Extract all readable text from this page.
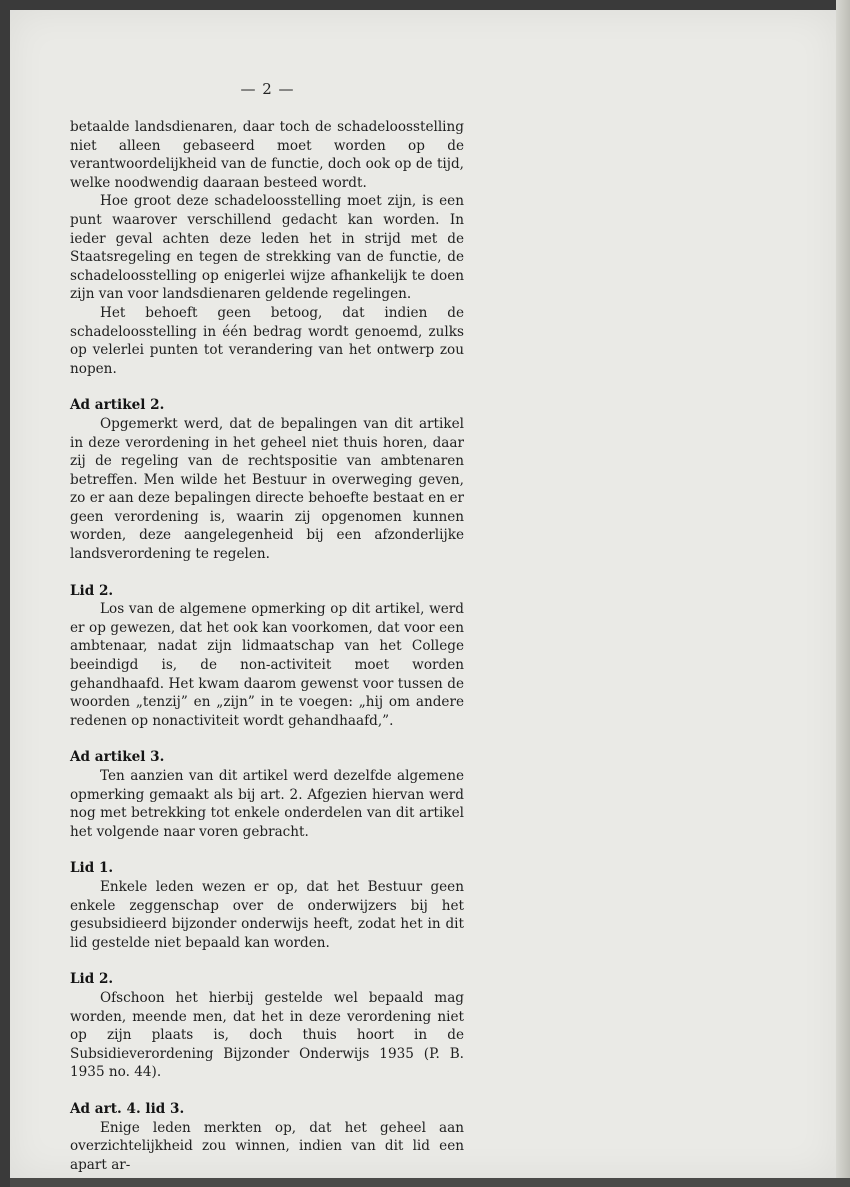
— 2 —

betaalde landsdienaren, daar toch de schadeloosstelling niet alleen gebaseerd moet worden op de verantwoordelijkheid van de functie, doch ook op de tijd, welke noodwendig daaraan besteed wordt.

Hoe groot deze schadeloosstelling moet zijn, is een punt waarover verschillend gedacht kan worden. In ieder geval achten deze leden het in strijd met de Staatsregeling en tegen de strekking van de functie, de schadeloosstelling op enigerlei wijze afhankelijk te doen zijn van voor landsdienaren geldende regelingen.

Het behoeft geen betoog, dat indien de schadeloosstelling in één bedrag wordt genoemd, zulks op velerlei punten tot verandering van het ontwerp zou nopen.

Ad artikel 2.

Opgemerkt werd, dat de bepalingen van dit artikel in deze verordening in het geheel niet thuis horen, daar zij de regeling van de rechtspositie van ambtenaren betreffen. Men wilde het Bestuur in overweging geven, zo er aan deze bepalingen directe behoefte bestaat en er geen verordening is, waarin zij opgenomen kunnen worden, deze aangelegenheid bij een afzonderlijke landsverordening te regelen.

Lid 2.

Los van de algemene opmerking op dit artikel, werd er op gewezen, dat het ook kan voorkomen, dat voor een ambtenaar, nadat zijn lidmaatschap van het College beeindigd is, de non-activiteit moet worden gehandhaafd. Het kwam daarom gewenst voor tussen de woorden „tenzij” en „zijn” in te voegen: „hij om andere redenen op nonactiviteit wordt gehandhaafd,”.

Ad artikel 3.

Ten aanzien van dit artikel werd dezelfde algemene opmerking gemaakt als bij art. 2. Afgezien hiervan werd nog met betrekking tot enkele onderdelen van dit artikel het volgende naar voren gebracht.

Lid 1.

Enkele leden wezen er op, dat het Bestuur geen enkele zeggenschap over de onderwijzers bij het gesubsidieerd bijzonder onderwijs heeft, zodat het in dit lid gestelde niet bepaald kan worden.

Lid 2.

Ofschoon het hierbij gestelde wel bepaald mag worden, meende men, dat het in deze verordening niet op zijn plaats is, doch thuis hoort in de Subsidieverordening Bijzonder Onderwijs 1935 (P. B. 1935 no. 44).

Ad art. 4. lid 3.

Enige leden merkten op, dat het geheel aan overzichtelijkheid zou winnen, indien van dit lid een apart ar-
